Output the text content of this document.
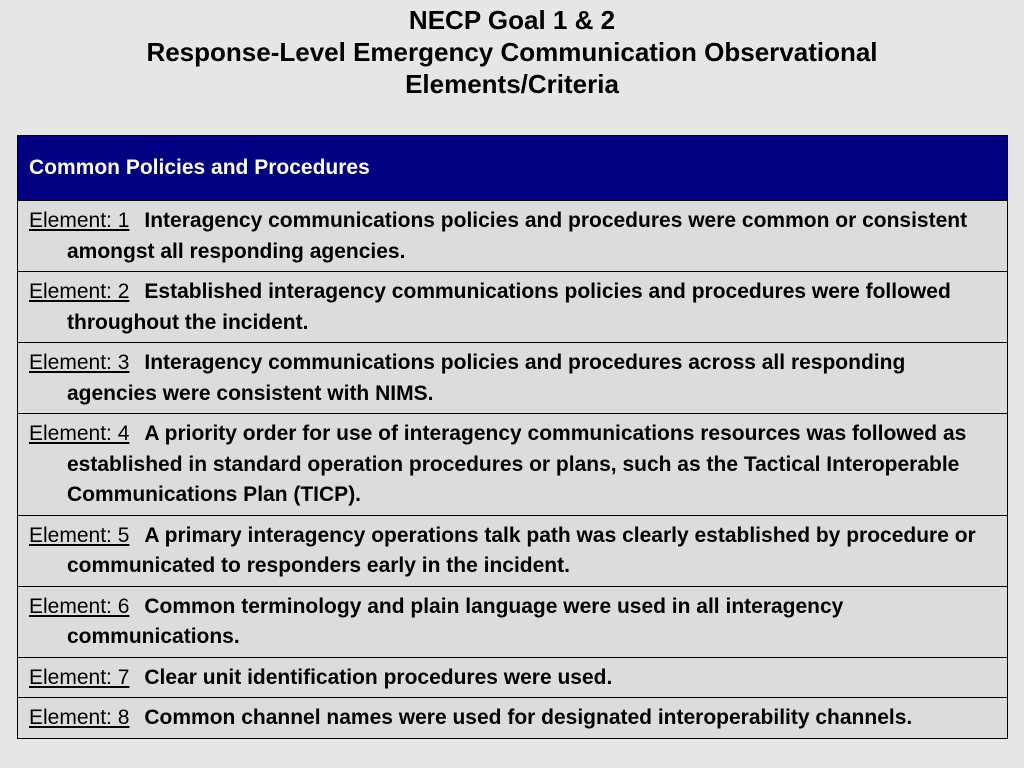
NECP Goal 1 & 2
Response-Level Emergency Communication Observational
Elements/Criteria
Common Policies and Procedures

Element: 1 Interagency communications policies and procedures were common or consistent amongst all responding agencies.

Element: 2 Established interagency communications policies and procedures were followed throughout the incident.

Element: 3 Interagency communications policies and procedures across all responding agencies were consistent with NIMS.

Element: 4 A priority order for use of interagency communications resources was followed as established in standard operation procedures or plans, such as the Tactical Interoperable Communications Plan (TICP).

Element: 5 A primary interagency operations talk path was clearly established by procedure or communicated to responders early in the incident.

Element: 6 Common terminology and plain language were used in all interagency communications.

Element: 7 Clear unit identification procedures were used.

Element: 8 Common channel names were used for designated interoperability channels.
